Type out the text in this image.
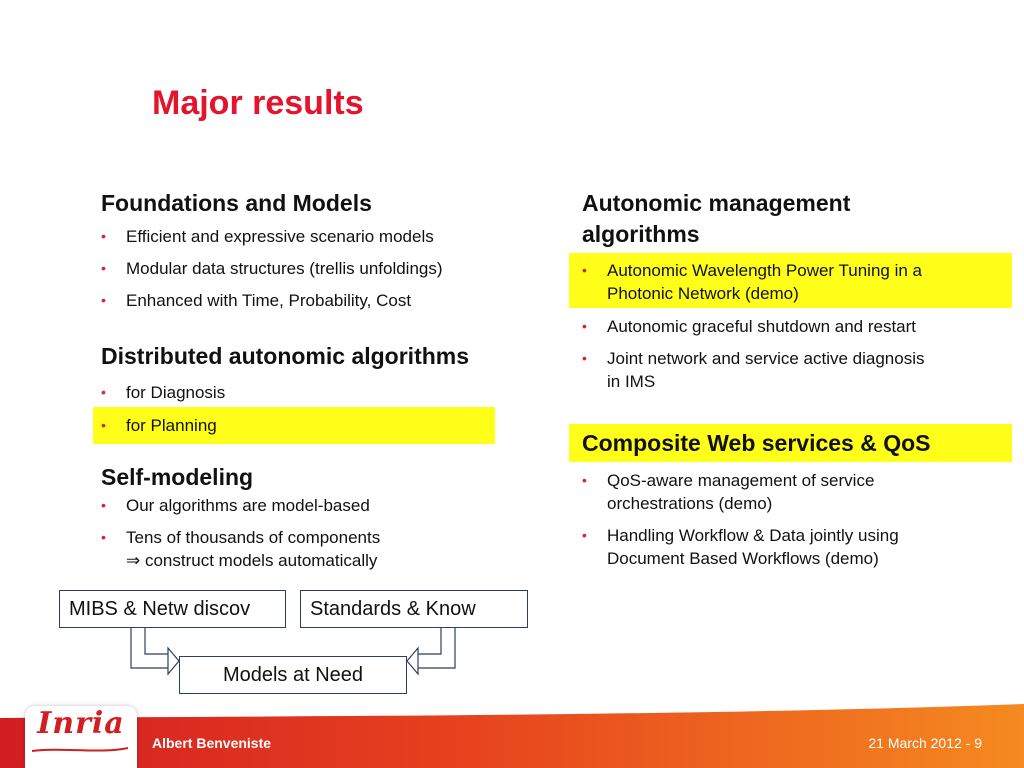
Major results
Foundations and Models
• Efficient and expressive scenario models
• Modular data structures (trellis unfoldings)
• Enhanced with Time, Probability, Cost
Distributed autonomic algorithms
• for Diagnosis
• for Planning
Self-modeling
• Our algorithms are model-based
• Tens of thousands of components
⇒ construct models automatically
MIBS & Netw discov	Standards & Know
Models at Need
Autonomic management
algorithms
• Autonomic Wavelength Power Tuning in a
Photonic Network (demo)
• Autonomic graceful shutdown and restart
• Joint network and service active diagnosis
in IMS
Composite Web services & QoS
• QoS-aware management of service
orchestrations (demo)
• Handling Workflow & Data jointly using
Document Based Workflows (demo)
Inria
Albert Benveniste	21 March 2012 - 9
